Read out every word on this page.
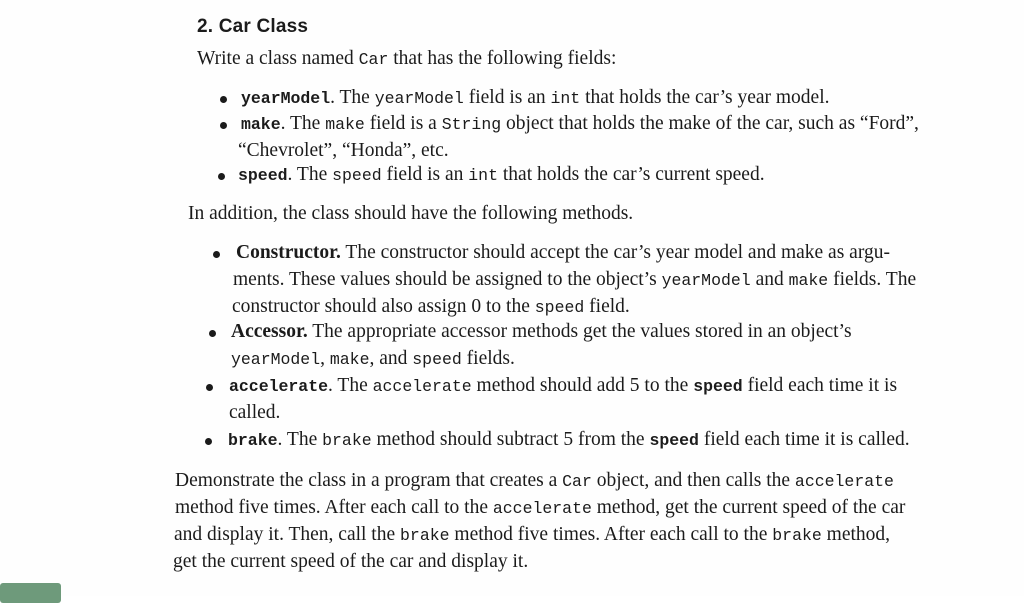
2. Car Class
Write a class named Car that has the following fields:
yearModel. The yearModel field is an int that holds the car’s year model.
make. The make field is a String object that holds the make of the car, such as “Ford”,
“Chevrolet”, “Honda”, etc.
speed. The speed field is an int that holds the car’s current speed.
In addition, the class should have the following methods.
Constructor. The constructor should accept the car’s year model and make as argu-
ments. These values should be assigned to the object’s yearModel and make fields. The
constructor should also assign 0 to the speed field.
Accessor. The appropriate accessor methods get the values stored in an object’s
yearModel, make, and speed fields.
accelerate. The accelerate method should add 5 to the speed field each time it is
called.
brake. The brake method should subtract 5 from the speed field each time it is called.
Demonstrate the class in a program that creates a Car object, and then calls the accelerate
method five times. After each call to the accelerate method, get the current speed of the car
and display it. Then, call the brake method five times. After each call to the brake method,
get the current speed of the car and display it.
